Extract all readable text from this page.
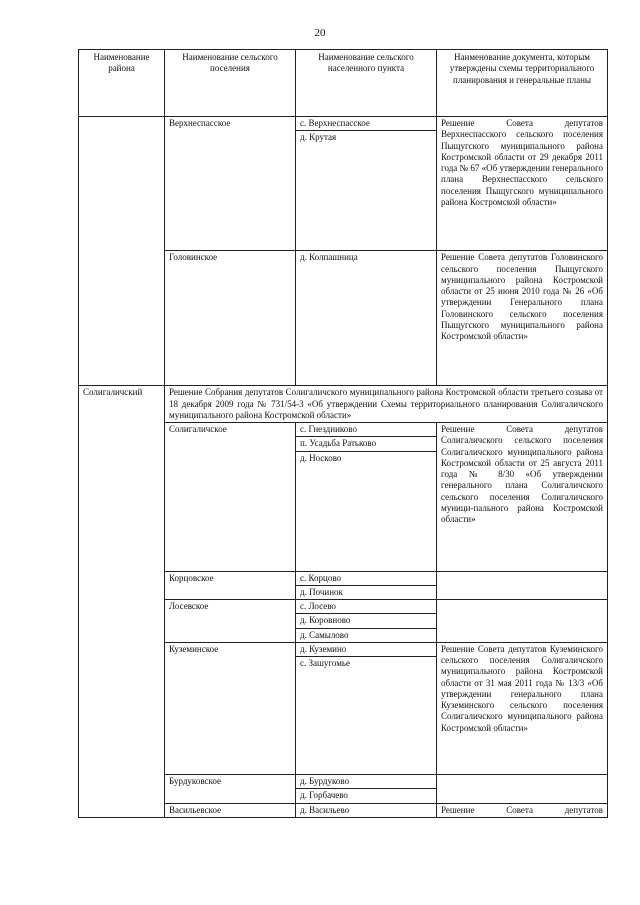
20
Наименование района	Наименование сельского поселения	Наименование сельского населенного пункта	Наименование документа, которым утверждены схемы территориального планирования и генеральные планы
	Верхнеспасское	с. Верхнеспасское	Решение Совета депутатов Верхнеспасского сельского поселения Пыщугского муниципального района Костромской области от 29 декабря 2011 года № 67 «Об утверждении генерального плана Верхнеспасского сельского поселения Пыщугского муниципального района Костромской области»
		д. Крутая	
	Головинское	д. Колпашница	Решение Совета депутатов Головинского сельского поселения Пыщугского муниципального района Костромской области от 25 июня 2010 года № 26 «Об утверждении Генерального плана Головинского сельского поселения Пыщугского муниципального района Костромской области»

Солигаличский	Решение Собрания депутатов Солигаличского муниципального района Костромской области третьего созыва от 18 декабря 2009 года № 731/54-3 «Об утверждении Схемы территориального планирования Солигаличского муниципального района Костромской области»		
	Солигаличское	с. Гнездниково	Решение Совета депутатов Солигаличского сельского поселения Солигаличского муниципального района Костромской области от 25 августа 2011 года № 8/30 «Об утверждении генерального плана Солигаличского сельского поселения Солигаличского муници-пального района Костромской области»
		п. Усадьба Ратьково	
		д. Носково	
	Корцовское	с. Корцово	
		д. Починок	
	Лосевское	с. Лосево	
		д. Коровново	
		д. Самылово	
	Куземинское	д. Куземино	Решение Совета депутатов Куземинского сельского поселения Солигаличского муниципального района Костромской области от 31 мая 2011 года № 13/3 «Об утверждении генерального плана Куземинского сельского поселения Солигаличского муниципального района Костромской области»
		с. Зашугомье	
	Бурдуковское	д. Бурдуково	
		д. Горбачево	
	Васильевское	д. Васильево	Решение Совета депутатов
